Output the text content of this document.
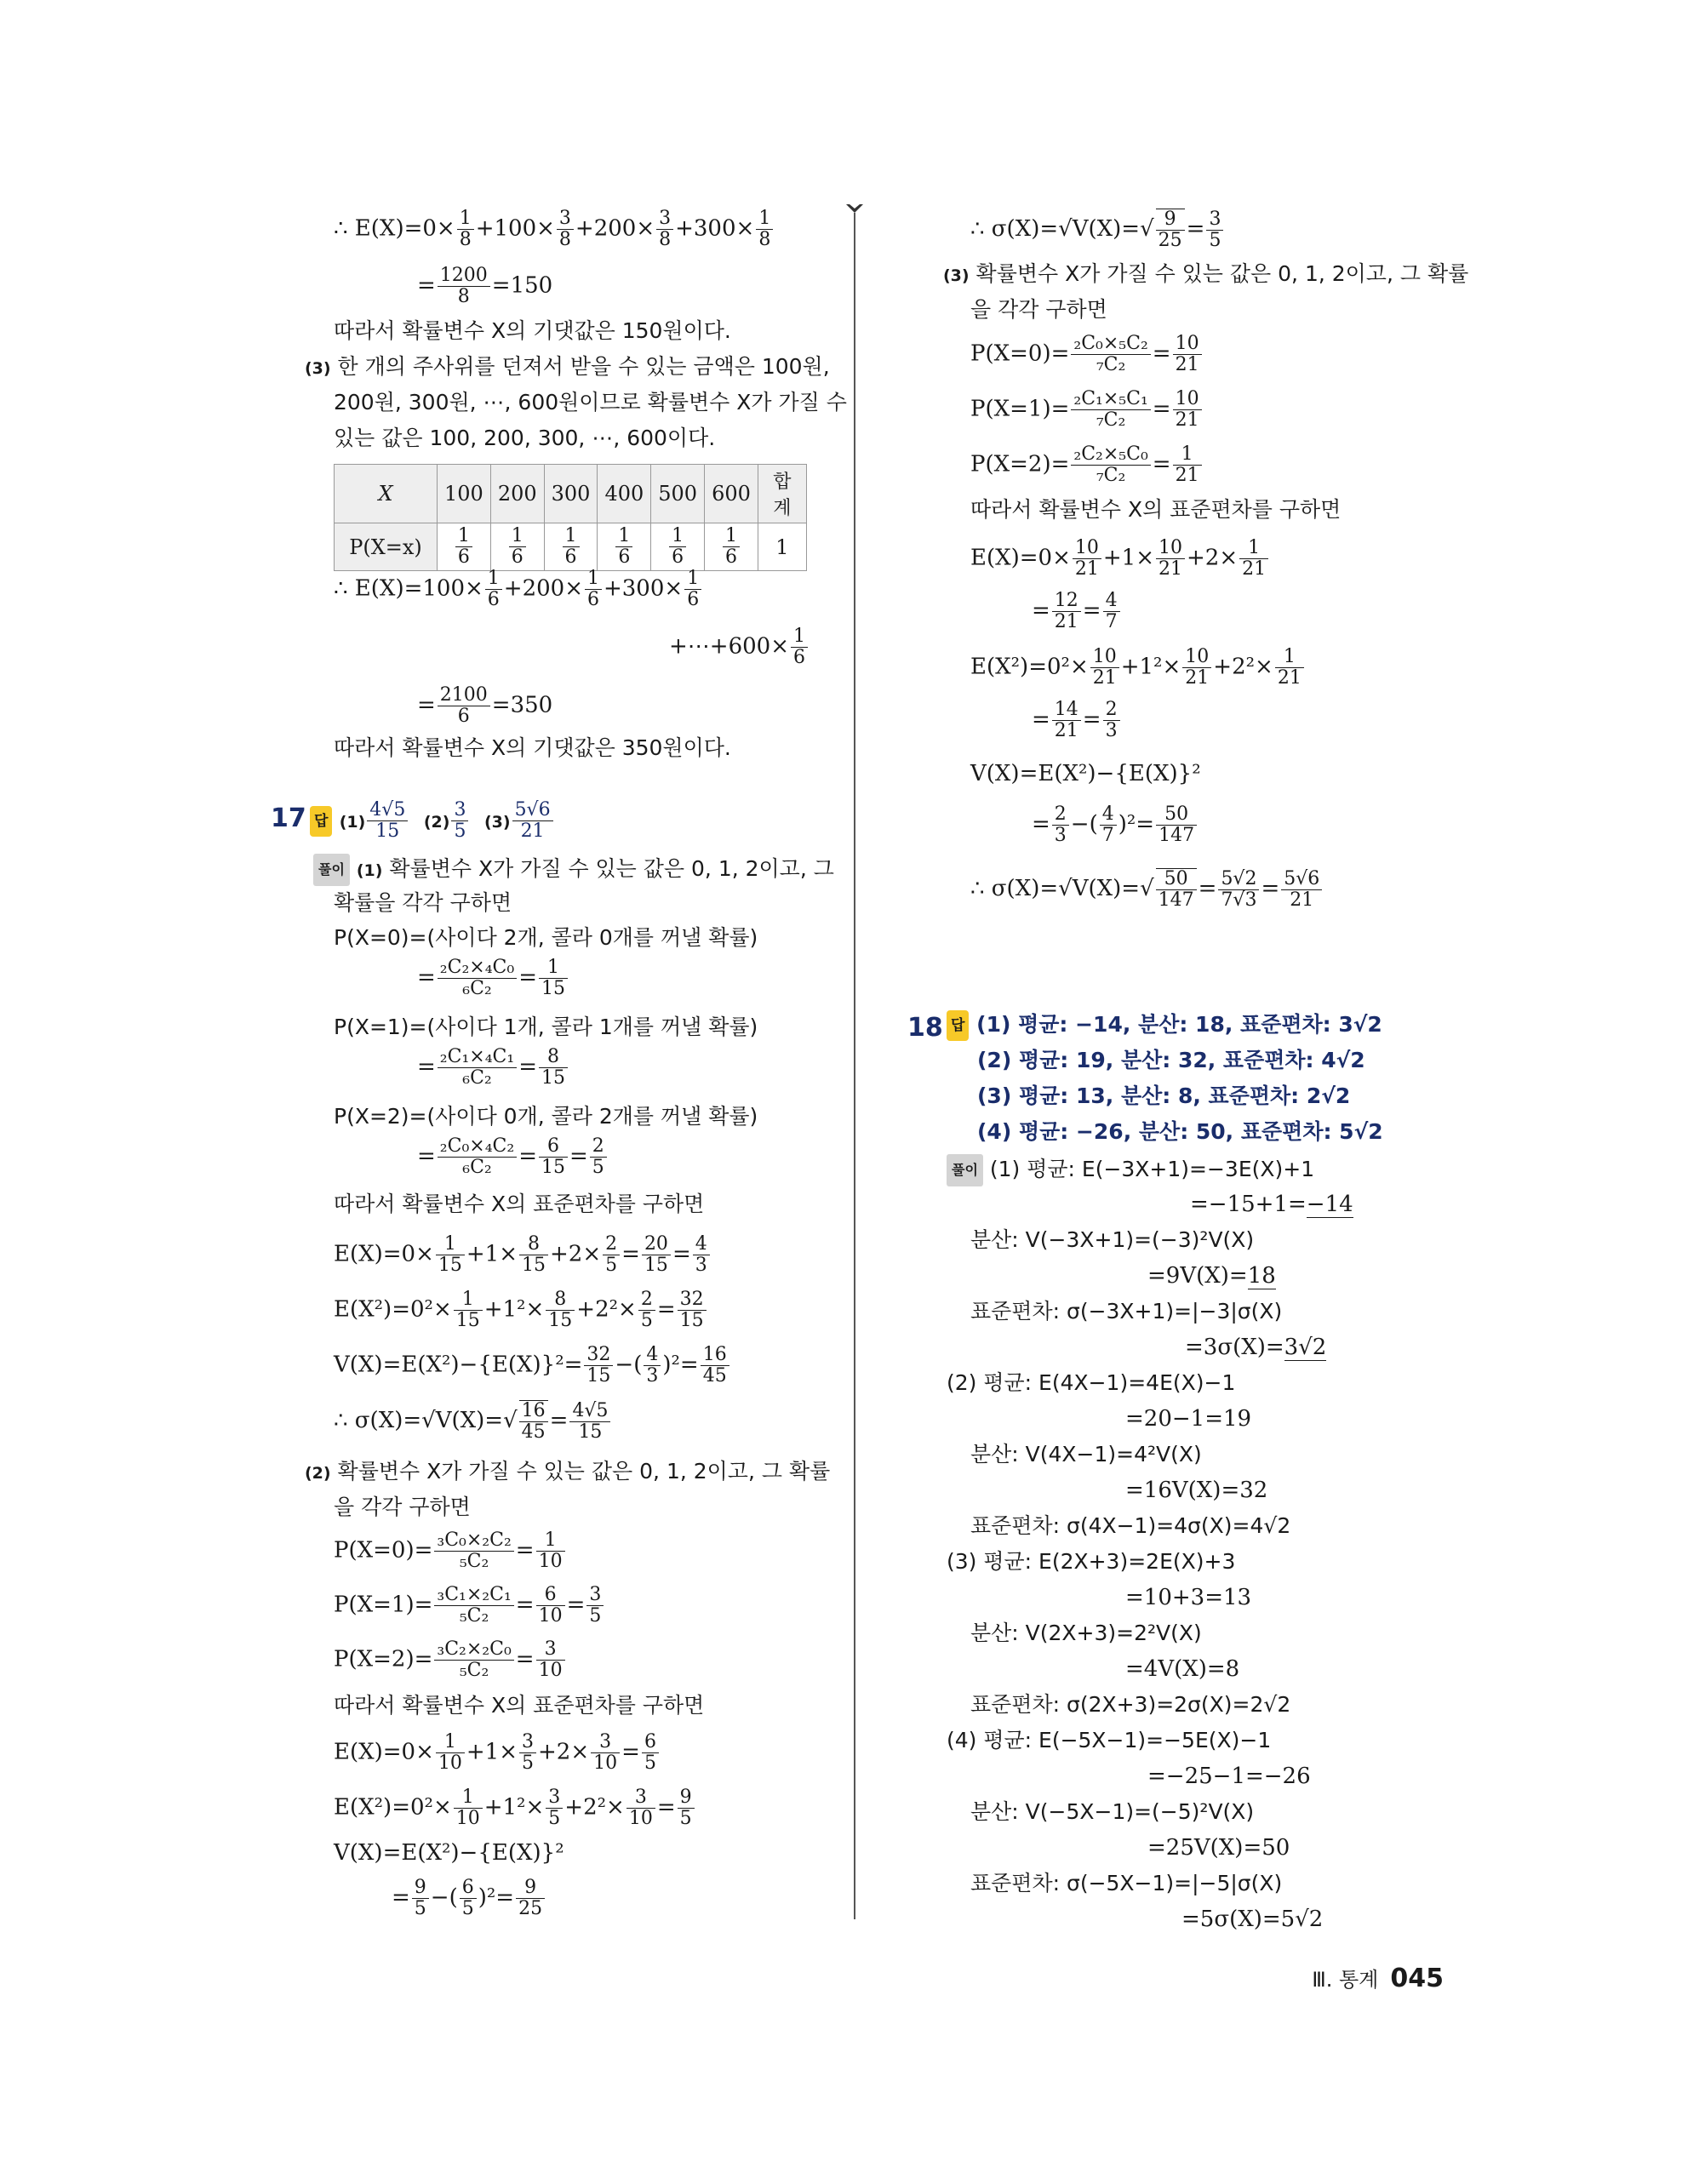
∴ $E(X)=0\times \frac{1}{8} +100\times \frac{3}{8} +200\times \frac{3}{8} +300\times \frac{1}{8}$
= $\frac{1200}{8} =150$
따라서 확률변수 X의 기댓값은 150원이다.
(3) 한 개의 주사위를 던져서 받을 수 있는 금액은 100원,
200원, 300원, ⋯, 600원이므로 확률변수 X가 가질 수
있는 값은 100, 200, 300, ⋯, 600이다.
X	100	200	300	400	500	600	합계
P(X=x)	$\frac{1}{6}$	$\frac{1}{6}$	$\frac{1}{6}$	$\frac{1}{6}$	$\frac{1}{6}$	$\frac{1}{6}$	1
∴ $E(X)=100\times \frac{1}{6} +200\times \frac{1}{6} +300\times \frac{1}{6}$
+⋯+600× $\frac{1}{6}$
= $\frac{2100}{6} =350$
따라서 확률변수 X의 기댓값은 350원이다.
17 답 $(1) \frac{4√5}{15} (2) \frac{3}{5} (3) \frac{5√6}{21}$
풀이 (1) 확률변수 X가 가질 수 있는 값은 0, 1, 2이고, 그
확률을 각각 구하면
P(X=0)=(사이다 2개, 콜라 0개를 꺼낼 확률)
= $\frac{\text{₂C₂×₄C₀}}{\text{₆C₂}} = \frac{1}{15}$
P(X=1)=(사이다 1개, 콜라 1개를 꺼낼 확률)
= $\frac{\text{₂C₁×₄C₁}}{\text{₆C₂}} = \frac{8}{15}$
P(X=2)=(사이다 0개, 콜라 2개를 꺼낼 확률)
= $\frac{\text{₂C₀×₄C₂}}{\text{₆C₂}} = \frac{6}{15} = \frac{2}{5}$
따라서 확률변수 X의 표준편차를 구하면
$E(X)=0\times \frac{1}{15} +1\times \frac{8}{15} +2\times \frac{2}{5} = \frac{20}{15} = \frac{4}{3}$
$E(X^2)=0^2\times \frac{1}{15} +1^2\times \frac{8}{15} +2^2\times \frac{2}{5} = \frac{32}{15}$
$V(X)=E(X^2)-\{E(X)\}^2= \frac{32}{15}$ −( $\frac{4}{3} )^2= \frac{16}{45}$
∴ $\sigma(X)=√V(X)=√ \frac{16}{45} = \frac{4√5}{15}$
(2) 확률변수 X가 가질 수 있는 값은 0, 1, 2이고, 그 확률
을 각각 구하면
$P(X=0)= \frac{\text{₃C₀×₂C₂}}{\text{₅C₂}} = \frac{1}{10}$
$P(X=1)= \frac{\text{₃C₁×₂C₁}}{\text{₅C₂}} = \frac{6}{10} = \frac{3}{5}$
$P(X=2)= \frac{\text{₃C₂×₂C₀}}{\text{₅C₂}} = \frac{3}{10}$
따라서 확률변수 X의 표준편차를 구하면
$E(X)=0\times \frac{1}{10} +1\times \frac{3}{5} +2\times \frac{3}{10} = \frac{6}{5}$
$E(X^2)=0^2\times \frac{1}{10} +1^2\times \frac{3}{5} +2^2\times \frac{3}{10} = \frac{9}{5}$
V(X)=E(X²)−{E(X)}²
= $\frac{9}{5}$ −( $\frac{6}{5} )^2= \frac{9}{25}$
∴ $\sigma(X)=√V(X)=√ \frac{9}{25} = \frac{3}{5}$
(3) 확률변수 X가 가질 수 있는 값은 0, 1, 2이고, 그 확률
을 각각 구하면
$P(X=0)= \frac{\text{₂C₀×₅C₂}}{\text{₇C₂}} = \frac{10}{21}$
$P(X=1)= \frac{\text{₂C₁×₅C₁}}{\text{₇C₂}} = \frac{10}{21}$
$P(X=2)= \frac{\text{₂C₂×₅C₀}}{\text{₇C₂}} = \frac{1}{21}$
따라서 확률변수 X의 표준편차를 구하면
$E(X)=0\times \frac{10}{21} +1\times \frac{10}{21} +2\times \frac{1}{21}$
= $\frac{12}{21} = \frac{4}{7}$
$E(X^2)=0^2\times \frac{10}{21} +1^2\times \frac{10}{21} +2^2\times \frac{1}{21}$
= $\frac{14}{21} = \frac{2}{3}$
V(X)=E(X²)−{E(X)}²
= $\frac{2}{3}$ −( $\frac{4}{7} )^2= \frac{50}{147}$
∴ $\sigma(X)=√V(X)=√ \frac{50}{147} = \frac{5√2}{7√3} = \frac{5√6}{21}$
18 답 (1) 평균: −14, 분산: 18, 표준편차: 3√2
(2) 평균: 19, 분산: 32, 표준편차: 4√2
(3) 평균: 13, 분산: 8, 표준편차: 2√2
(4) 평균: −26, 분산: 50, 표준편차: 5√2
풀이 (1) 평균: E(−3X+1)=−3E(X)+1
=−15+1=−14
분산: V(−3X+1)=(−3)²V(X)
=9V(X)=18
표준편차: σ(−3X+1)=|−3|σ(X)
=3σ(X)=3√2
(2) 평균: E(4X−1)=4E(X)−1
=20−1=19
분산: V(4X−1)=4²V(X)
=16V(X)=32
표준편차: σ(4X−1)=4σ(X)=4√2
(3) 평균: E(2X+3)=2E(X)+3
=10+3=13
분산: V(2X+3)=2²V(X)
=4V(X)=8
표준편차: σ(2X+3)=2σ(X)=2√2
(4) 평균: E(−5X−1)=−5E(X)−1
=−25−1=−26
분산: V(−5X−1)=(−5)²V(X)
=25V(X)=50
표준편차: σ(−5X−1)=|−5|σ(X)
=5σ(X)=5√2
Ⅲ. 통계 045
